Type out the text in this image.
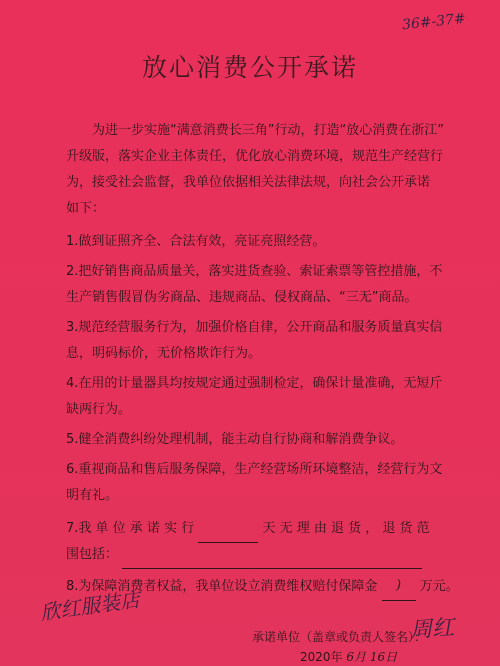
36#-37#
放心消费公开承诺
为进一步实施“满意消费长三角”行动，打造“放心消费在浙江”
升级版，落实企业主体责任，优化放心消费环境，规范生产经营行
为，接受社会监督，我单位依据相关法律法规，向社会公开承诺
如下：
1.做到证照齐全、合法有效，亮证亮照经营。
2.把好销售商品质量关，落实进货查验、索证索票等管控措施，不
生产销售假冒伪劣商品、违规商品、侵权商品、“三无”商品。
3.规范经营服务行为，加强价格自律，公开商品和服务质量真实信
息，明码标价，无价格欺诈行为。
4.在用的计量器具均按规定通过强制检定，确保计量准确，无短斤
缺两行为。
5.健全消费纠纷处理机制，能主动自行协商和解消费争议。
6.重视商品和售后服务保障，生产经营场所环境整洁，经营行为文
明有礼。
7.我 单 位 承 诺 实 行	天 无 理 由 退 货 ， 退 货 范
围包括：
8.为保障消费者权益，我单位设立消费维权赔付保障金 ) 万元。
欣红服装店
承诺单位（盖章或负责人签名）：
周红
2020年 6月 16日
